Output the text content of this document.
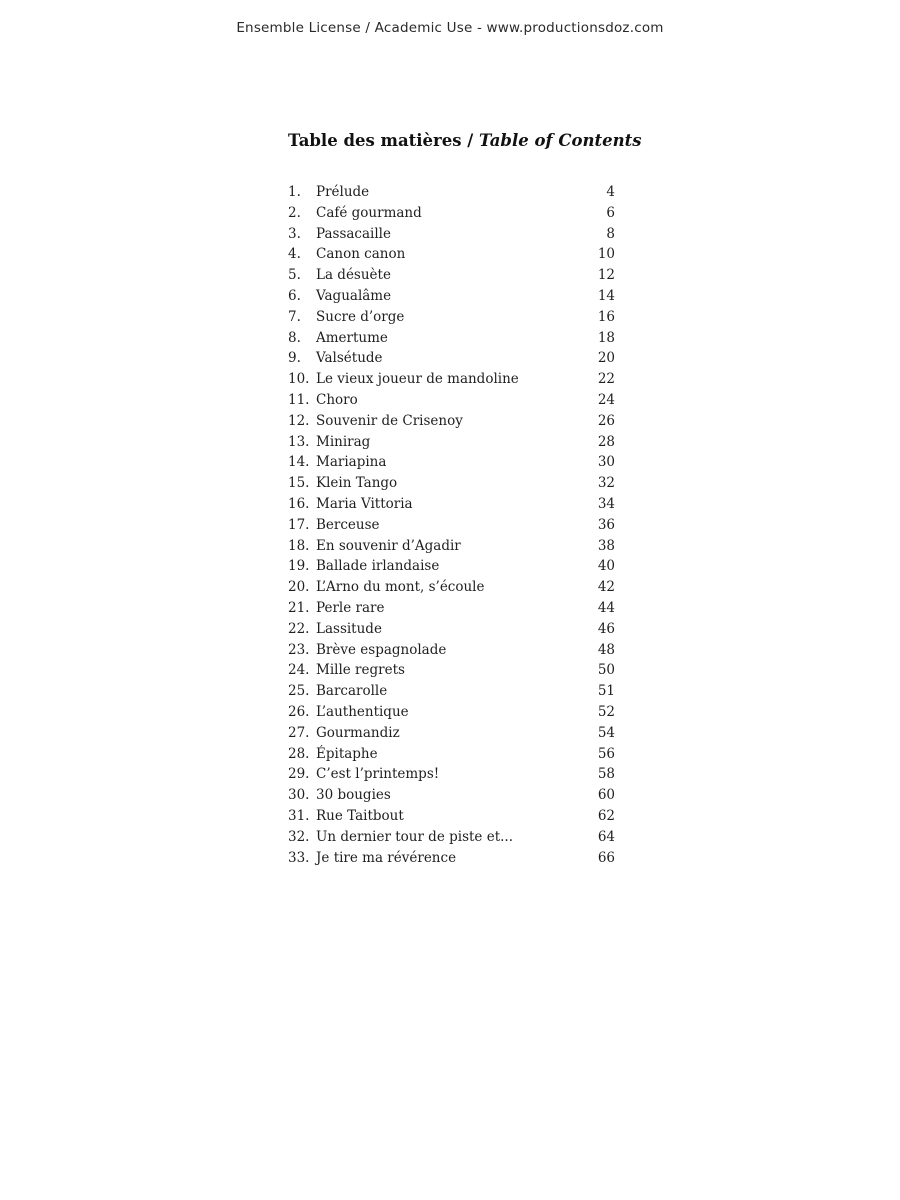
Ensemble License / Academic Use - www.productionsdoz.com
Table des matières / Table of Contents
1.	Prélude	4
2.	Café gourmand	6
3.	Passacaille	8
4.	Canon canon	10
5.	La désuète	12
6.	Vagualâme	14
7.	Sucre d’orge	16
8.	Amertume	18
9.	Valsétude	20
10. Le vieux joueur de mandoline	22
11. Choro	24
12. Souvenir de Crisenoy	26
13. Minirag	28
14. Mariapina	30
15. Klein Tango	32
16. Maria Vittoria	34
17. Berceuse	36
18. En souvenir d’Agadir	38
19. Ballade irlandaise	40
20. L’Arno du mont, s’écoule	42
21. Perle rare	44
22. Lassitude	46
23. Brève espagnolade	48
24. Mille regrets	50
25. Barcarolle	51
26. L’authentique	52
27. Gourmandiz	54
28. Épitaphe	56
29. C’est l’printemps!	58
30. 30 bougies	60
31. Rue Taitbout	62
32. Un dernier tour de piste et...	64
33. Je tire ma révérence	66
